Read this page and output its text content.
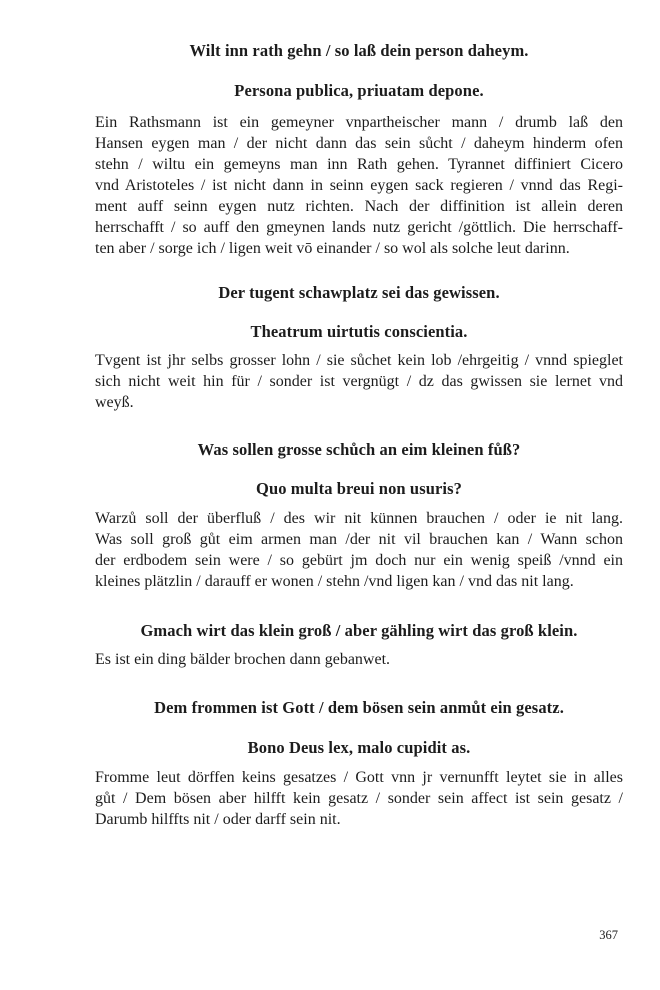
Wilt inn rath gehn / so laß dein person daheym.
Persona publica, priuatam depone.
Ein Rathsmann ist ein gemeyner vnpartheischer mann / drumb laß den
Hansen eygen man / der nicht dann das sein sůcht / daheym hinderm ofen
stehn / wiltu ein gemeyns man inn Rath gehen. Tyrannet diffiniert Cicero
vnd Aristoteles / ist nicht dann in seinn eygen sack regieren / vnnd das Regi-
ment auff seinn eygen nutz richten. Nach der diffinition ist allein deren
herrschafft / so auff den gmeynen lands nutz gericht /göttlich. Die herrschaff-
ten aber / sorge ich / ligen weit vō einander / so wol als solche leut darinn.
Der tugent schawplatz sei das gewissen.
Theatrum uirtutis conscientia.
Tvgent ist jhr selbs grosser lohn / sie sůchet kein lob /ehrgeitig / vnnd spieglet
sich nicht weit hin für / sonder ist vergnügt / dz das gwissen sie lernet vnd
weyß.
Was sollen grosse schůch an eim kleinen fůß?
Quo multa breui non usuris?
Warzů soll der überfluß / des wir nit künnen brauchen / oder ie nit lang.
Was soll groß gůt eim armen man /der nit vil brauchen kan / Wann schon
der erdbodem sein were / so gebürt jm doch nur ein wenig speiß /vnnd ein
kleines plätzlin / darauff er wonen / stehn /vnd ligen kan / vnd das nit lang.
Gmach wirt das klein groß / aber gähling wirt das groß klein.
Es ist ein ding bälder brochen dann gebanwet.
Dem frommen ist Gott / dem bösen sein anmůt ein gesatz.
Bono Deus lex, malo cupidit as.
Fromme leut dörffen keins gesatzes / Gott vnn jr vernunfft leytet sie in alles
gůt / Dem bösen aber hilfft kein gesatz / sonder sein affect ist sein gesatz /
Darumb hilffts nit / oder darff sein nit.
367
